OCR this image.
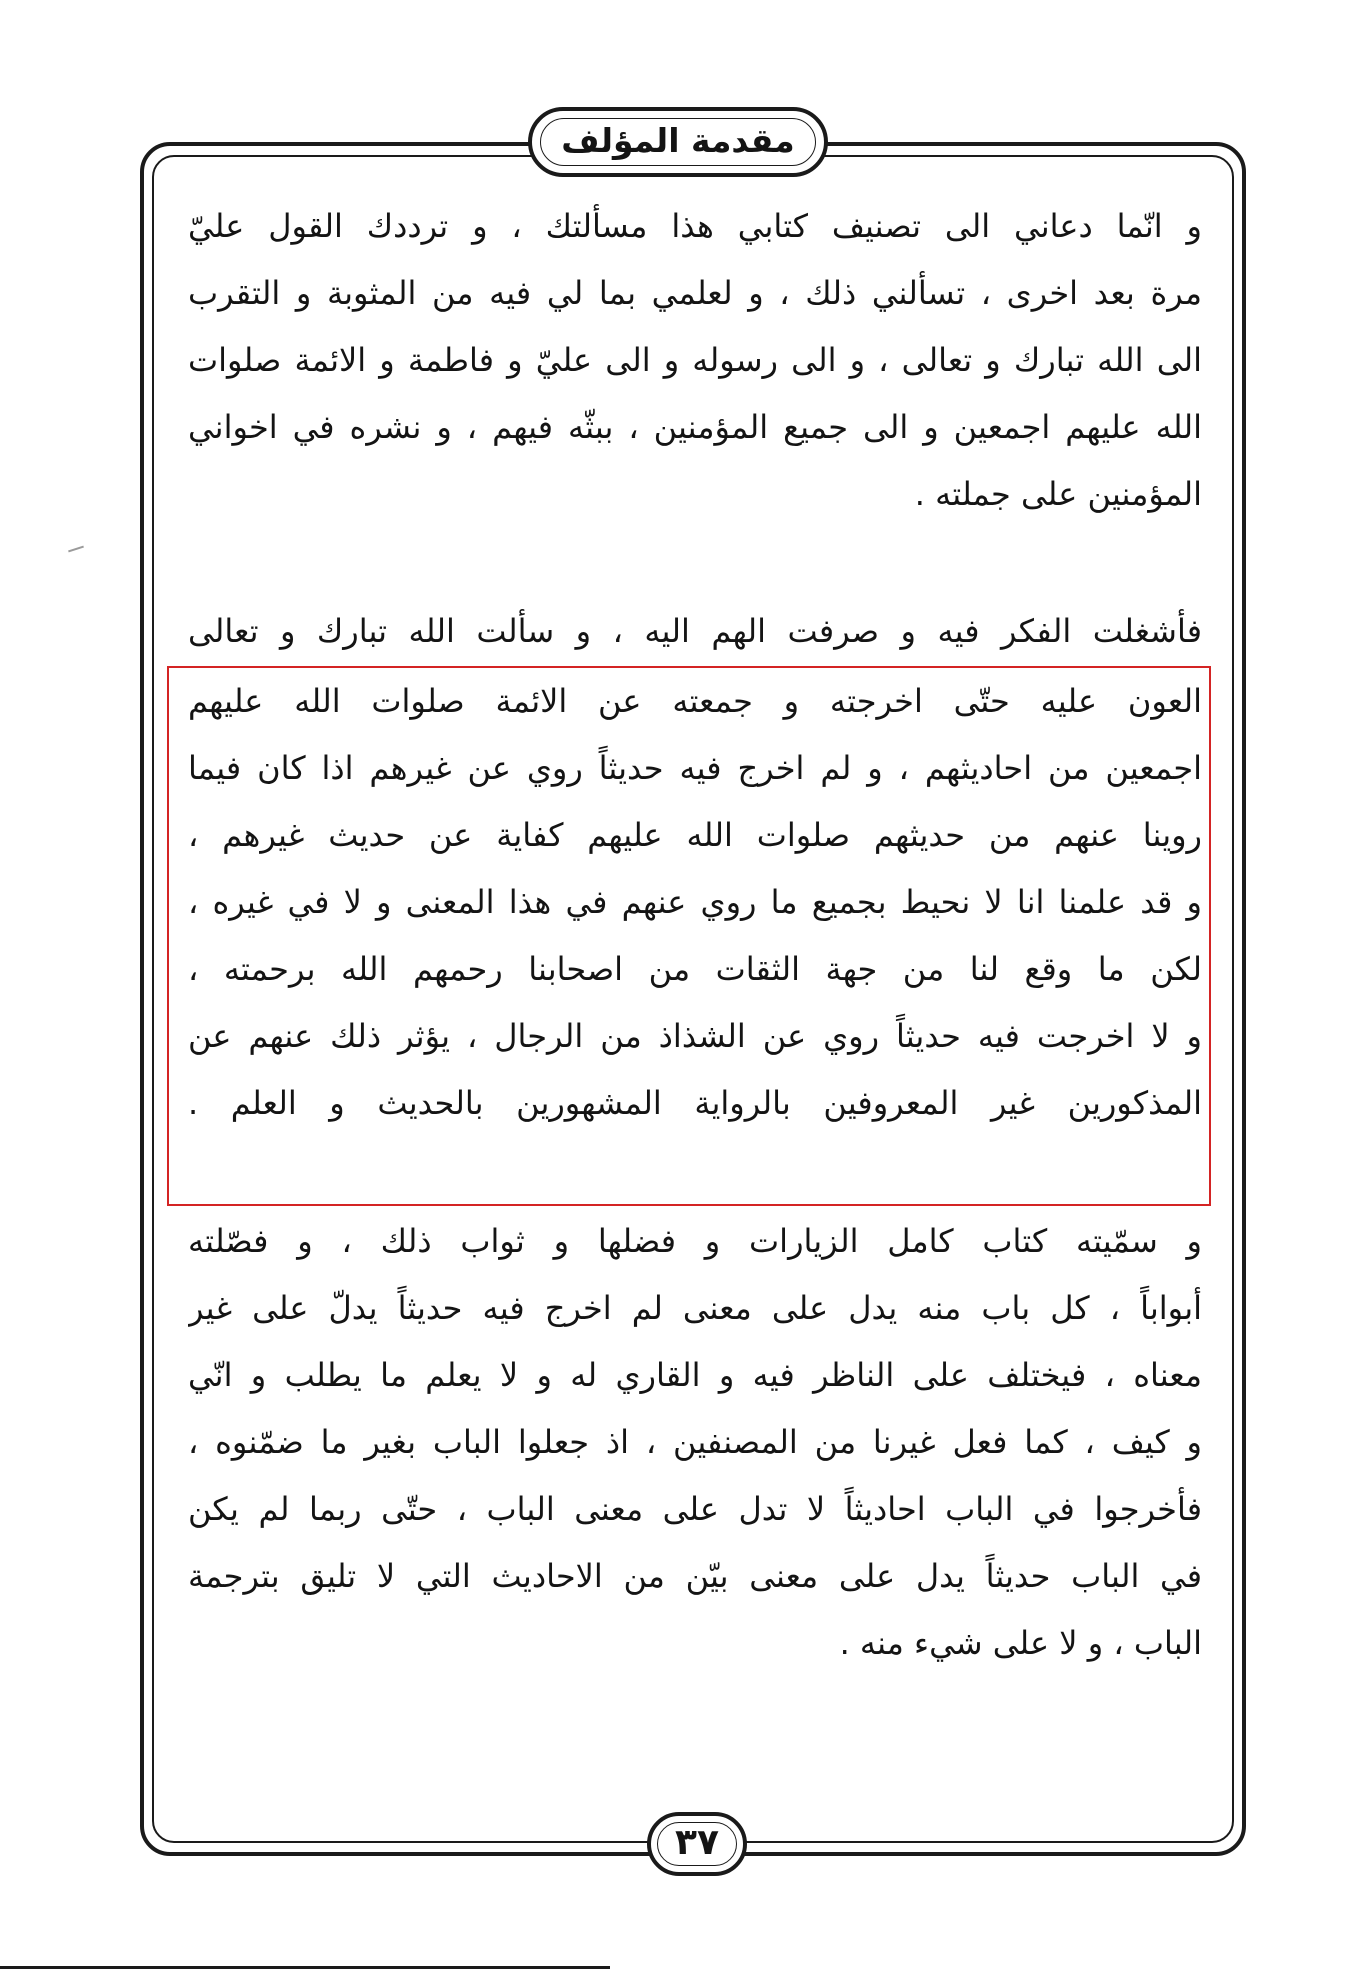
مقدمة المؤلف
و انّما دعاني الى تصنيف كتابي هذا مسألتك ، و ترددك القول عليّ
مرة بعد اخرى ، تسألني ذلك ، و لعلمي بما لي فيه من المثوبة و التقرب
الى الله تبارك و تعالى ، و الى رسوله و الى عليّ و فاطمة و الائمة صلوات
الله عليهم اجمعين و الى جميع المؤمنين ، ببثّه فيهم ، و نشره في اخواني
المؤمنين على جملته .
فأشغلت الفكر فيه و صرفت الهم اليه ، و سألت الله تبارك و تعالى
العون عليه حتّى اخرجته و جمعته عن الائمة صلوات الله عليهم
اجمعين من احاديثهم ، و لم اخرج فيه حديثاً روي عن غيرهم اذا كان فيما
روينا عنهم من حديثهم صلوات الله عليهم كفاية عن حديث غيرهم ،
و قد علمنا انا لا نحيط بجميع ما روي عنهم في هذا المعنى و لا في غيره ،
لكن ما وقع لنا من جهة الثقات من اصحابنا رحمهم الله برحمته ،
و لا اخرجت فيه حديثاً روي عن الشذاذ من الرجال ، يؤثر ذلك عنهم عن
المذكورين غير المعروفين بالرواية المشهورين بالحديث و العلم .
و سمّيته كتاب كامل الزيارات و فضلها و ثواب ذلك ، و فصّلته
أبواباً ، كل باب منه يدل على معنى لم اخرج فيه حديثاً يدلّ على غير
معناه ، فيختلف على الناظر فيه و القاري له و لا يعلم ما يطلب و انّي
و كيف ، كما فعل غيرنا من المصنفين ، اذ جعلوا الباب بغير ما ضمّنوه ،
فأخرجوا في الباب احاديثاً لا تدل على معنى الباب ، حتّى ربما لم يكن
في الباب حديثاً يدل على معنى بيّن من الاحاديث التي لا تليق بترجمة
الباب ، و لا على شيء منه .
٣٧
